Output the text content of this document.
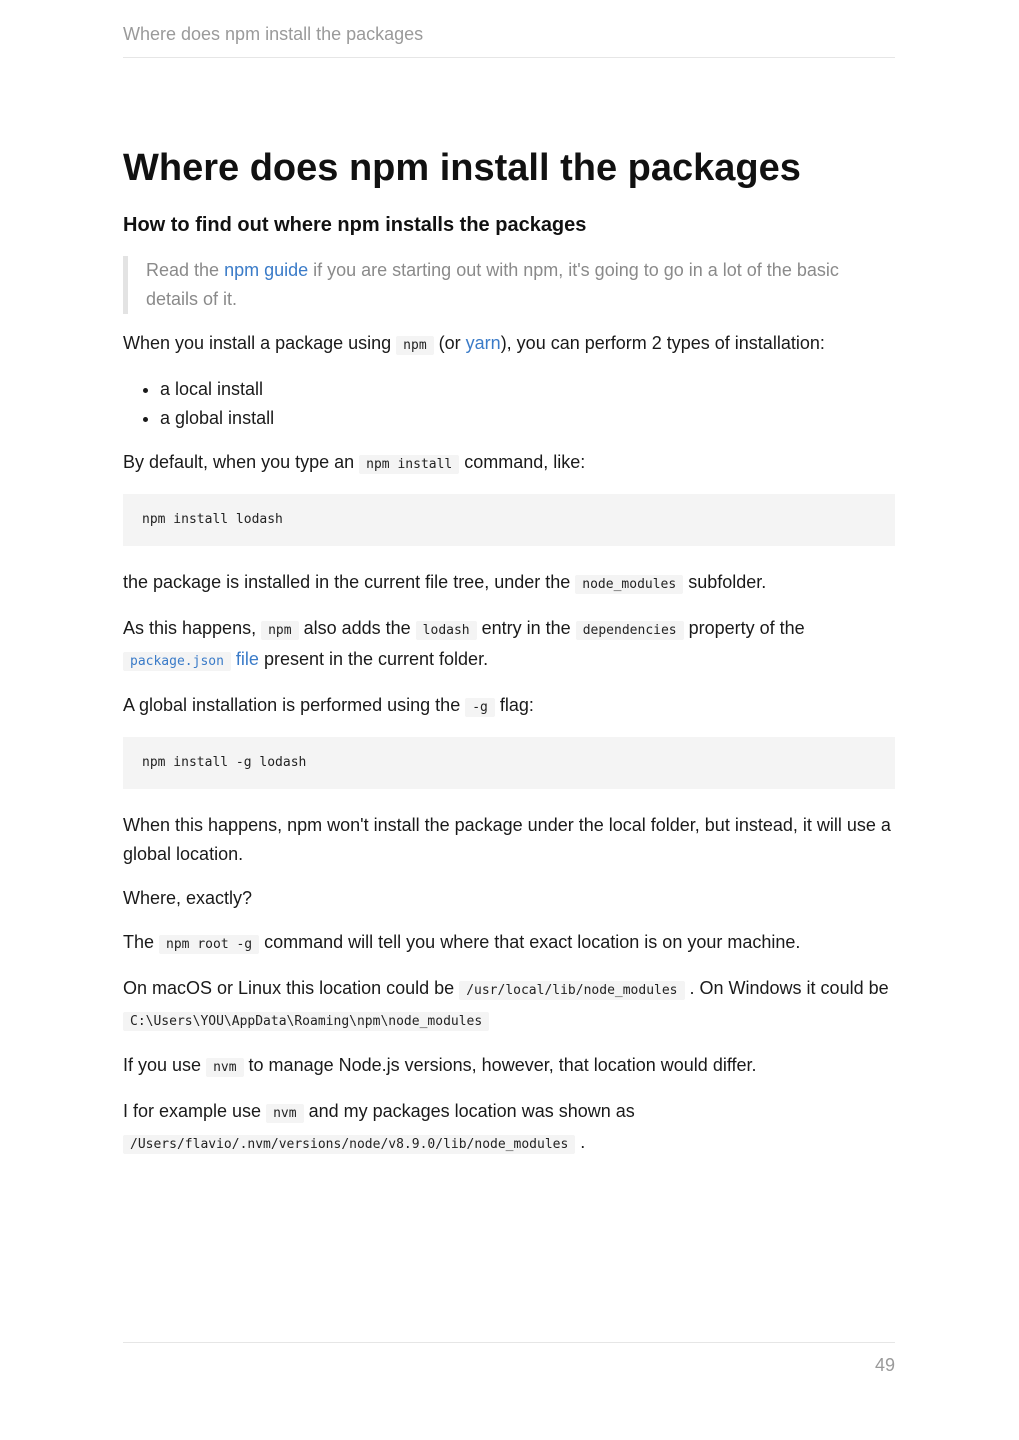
Where does npm install the packages
Where does npm install the packages
How to find out where npm installs the packages
Read the npm guide if you are starting out with npm, it's going to go in a lot of the basic details of it.

When you install a package using npm (or yarn), you can perform 2 types of installation:

• a local install
• a global install

By default, when you type an npm install command, like:

npm install lodash

the package is installed in the current file tree, under the node_modules subfolder.

As this happens, npm also adds the lodash entry in the dependencies property of the package.json file present in the current folder.

A global installation is performed using the -g flag:

npm install -g lodash

When this happens, npm won't install the package under the local folder, but instead, it will use a global location.

Where, exactly?

The npm root -g command will tell you where that exact location is on your machine.

On macOS or Linux this location could be /usr/local/lib/node_modules . On Windows it could be C:\Users\YOU\AppData\Roaming\npm\node_modules

If you use nvm to manage Node.js versions, however, that location would differ.

I for example use nvm and my packages location was shown as /Users/flavio/.nvm/versions/node/v8.9.0/lib/node_modules .

49
